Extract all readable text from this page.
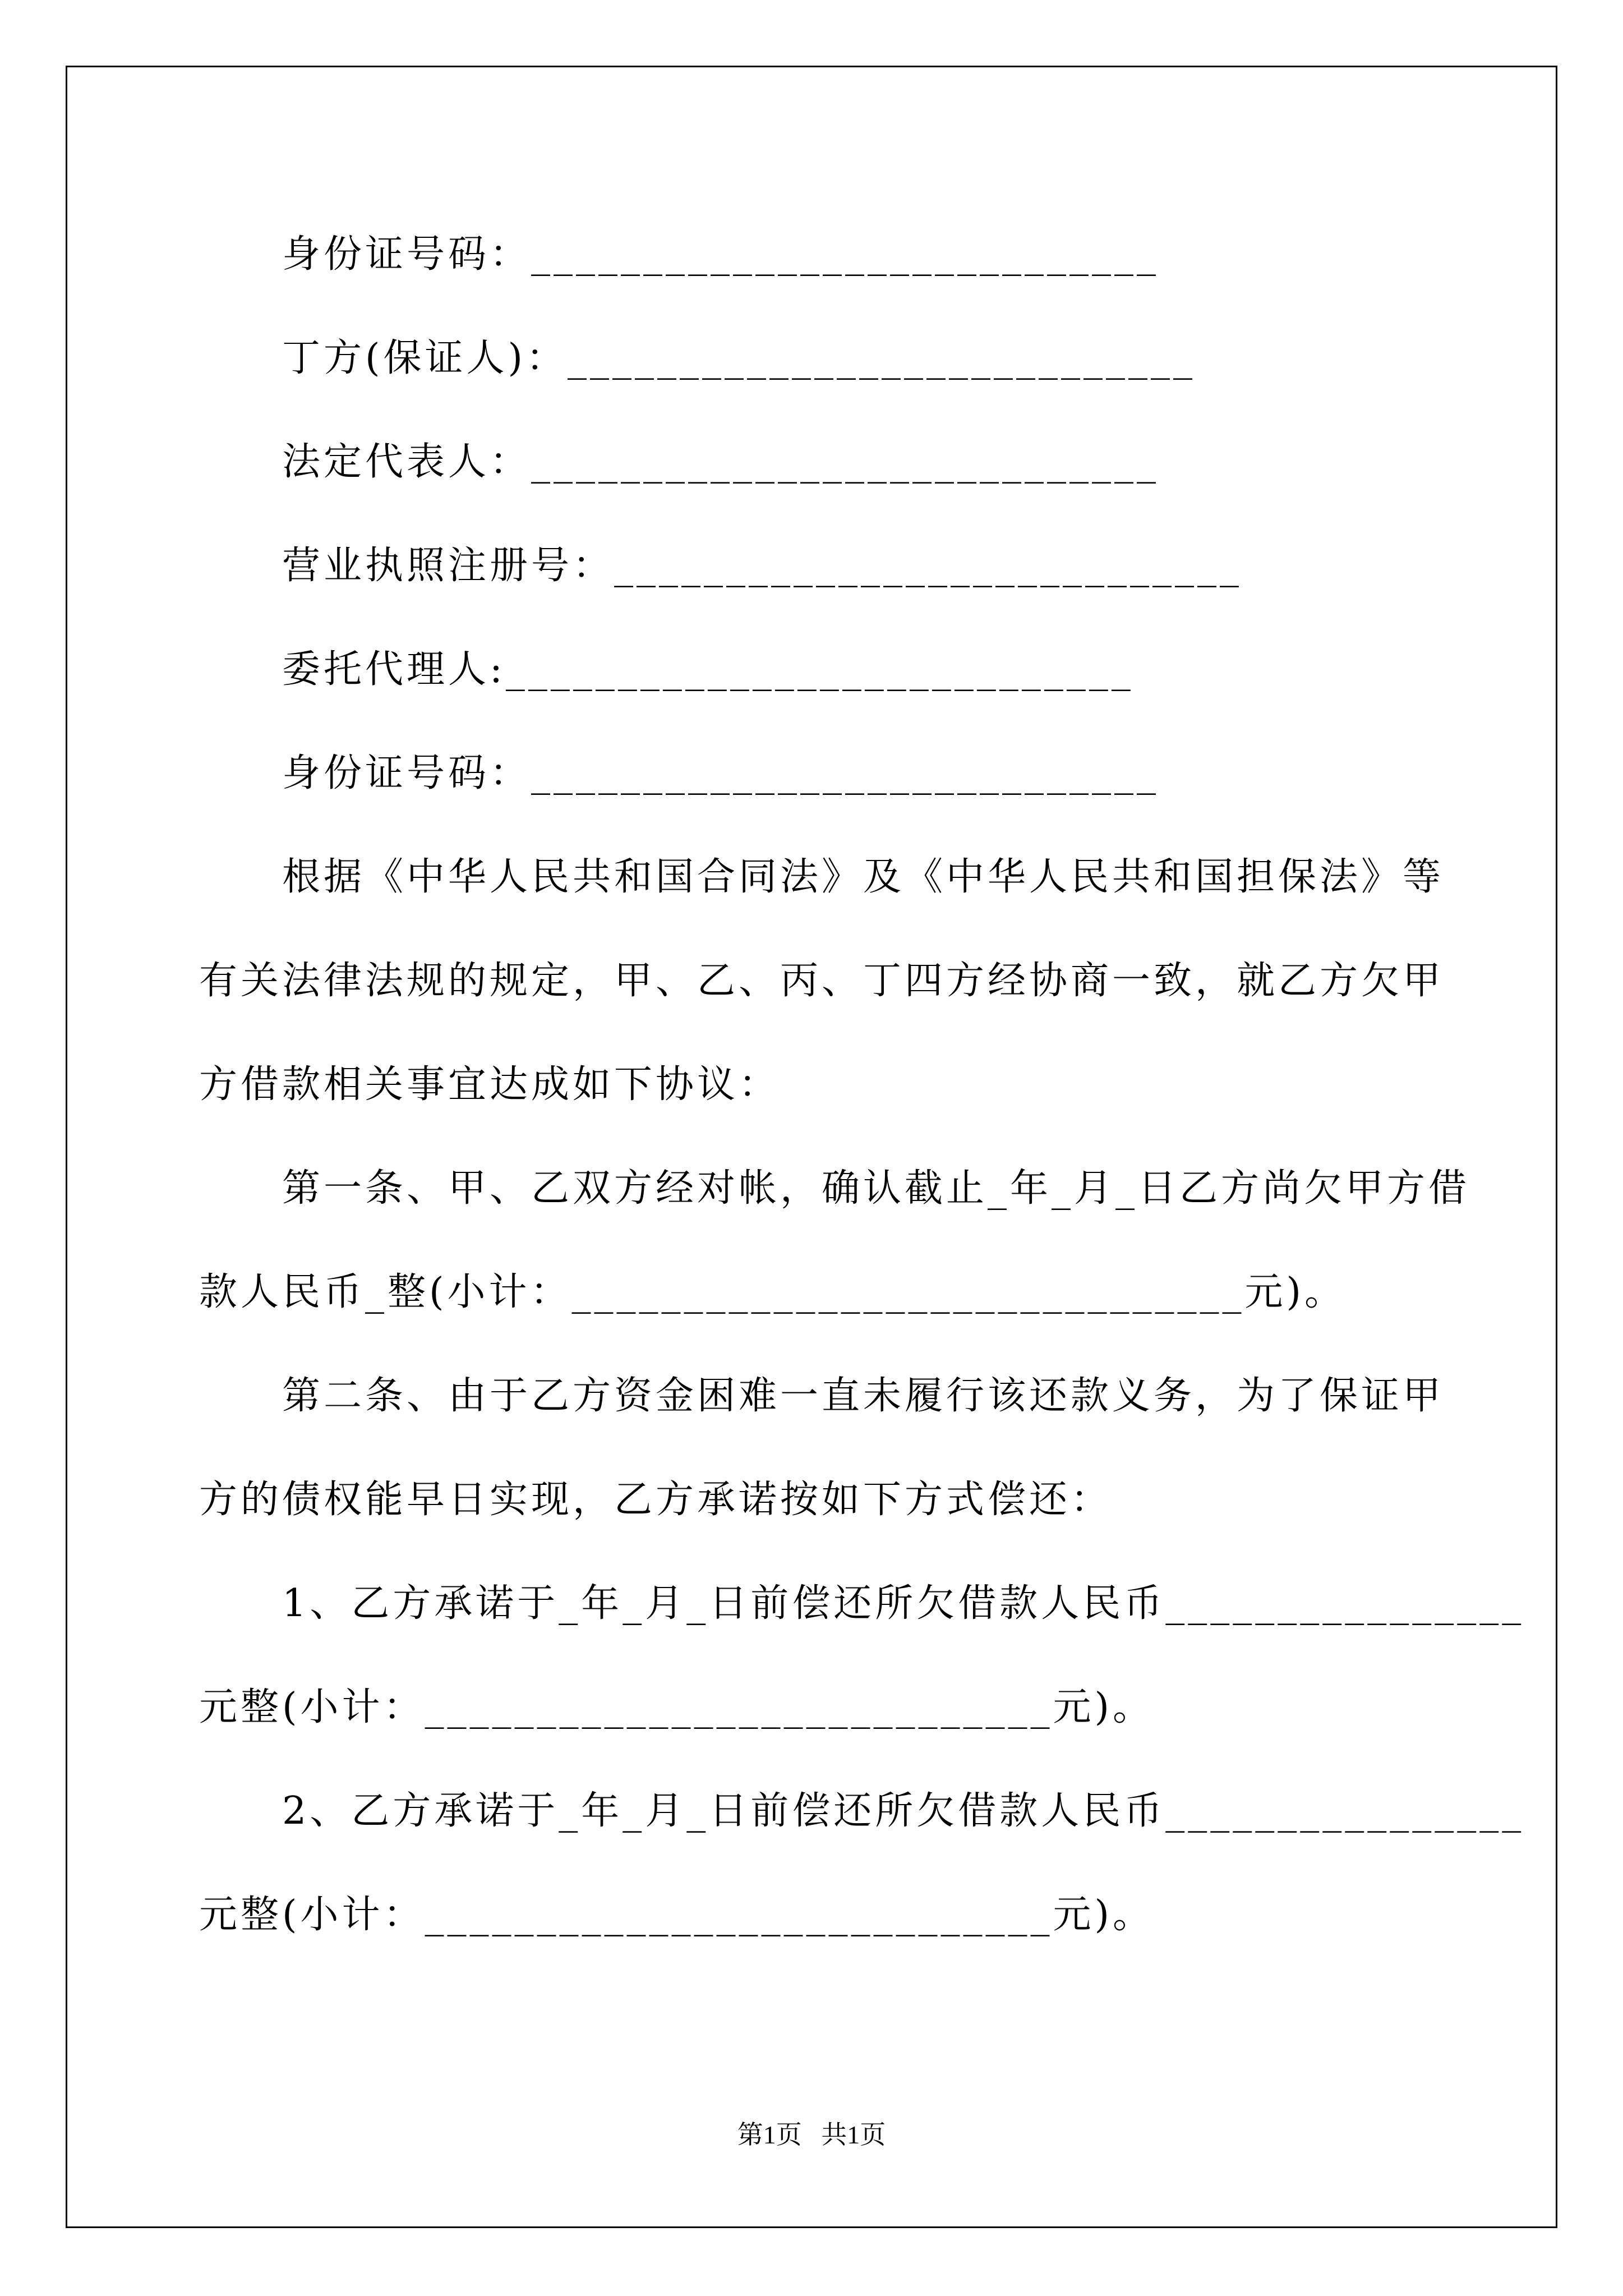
身份证号码：____________________________
丁方(保证人)：____________________________
法定代表人：____________________________
营业执照注册号：____________________________
委托代理人:____________________________
身份证号码：____________________________
根据《中华人民共和国合同法》及《中华人民共和国担保法》等
有关法律法规的规定，甲、乙、丙、丁四方经协商一致，就乙方欠甲
方借款相关事宜达成如下协议：
第一条、甲、乙双方经对帐，确认截止_年_月_日乙方尚欠甲方借
款人民币_整(小计：______________________________元)。
第二条、由于乙方资金困难一直未履行该还款义务，为了保证甲
方的债权能早日实现，乙方承诺按如下方式偿还：
1、乙方承诺于_年_月_日前偿还所欠借款人民币________________
元整(小计：____________________________元)。
2、乙方承诺于_年_月_日前偿还所欠借款人民币________________
元整(小计：____________________________元)。
第1页   共1页
